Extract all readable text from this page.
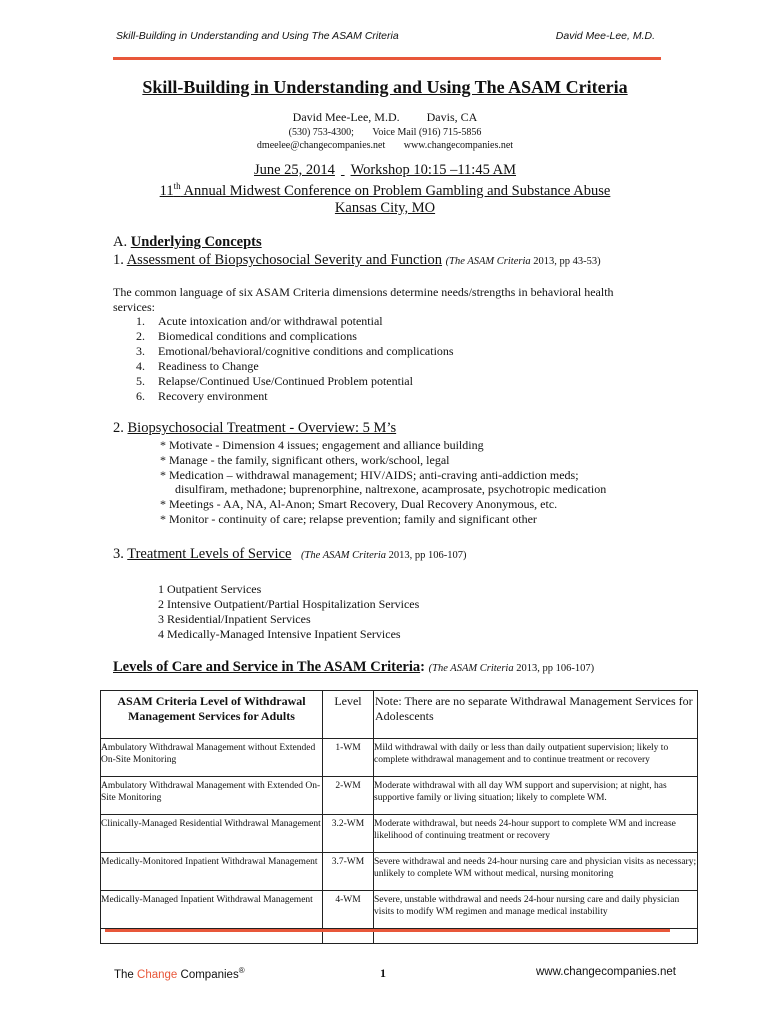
Skill-Building in Understanding and Using The ASAM Criteria	David Mee-Lee, M.D.
Skill-Building in Understanding and Using The ASAM Criteria
David Mee-Lee, M.D. Davis, CA
(530) 753-4300; Voice Mail (916) 715-5856
dmeelee@changecompanies.net www.changecompanies.net
June 25, 2014 Workshop 10:15 –11:45 AM
11th Annual Midwest Conference on Problem Gambling and Substance Abuse
Kansas City, MO
A. Underlying Concepts
1. Assessment of Biopsychosocial Severity and Function (The ASAM Criteria 2013, pp 43-53)
The common language of six ASAM Criteria dimensions determine needs/strengths in behavioral health services:
1. Acute intoxication and/or withdrawal potential
2. Biomedical conditions and complications
3. Emotional/behavioral/cognitive conditions and complications
4. Readiness to Change
5. Relapse/Continued Use/Continued Problem potential
6. Recovery environment
2. Biopsychosocial Treatment - Overview: 5 M’s
* Motivate - Dimension 4 issues; engagement and alliance building
* Manage - the family, significant others, work/school, legal
* Medication – withdrawal management; HIV/AIDS; anti-craving anti-addiction meds;
disulfiram, methadone; buprenorphine, naltrexone, acamprosate, psychotropic medication
* Meetings - AA, NA, Al-Anon; Smart Recovery, Dual Recovery Anonymous, etc.
* Monitor - continuity of care; relapse prevention; family and significant other
3. Treatment Levels of Service (The ASAM Criteria 2013, pp 106-107)
1 Outpatient Services
2 Intensive Outpatient/Partial Hospitalization Services
3 Residential/Inpatient Services
4 Medically-Managed Intensive Inpatient Services
Levels of Care and Service in The ASAM Criteria: (The ASAM Criteria 2013, pp 106-107)
ASAM Criteria Level of Withdrawal Management Services for Adults	Level	Note: There are no separate Withdrawal Management Services for Adolescents
Ambulatory Withdrawal Management without Extended On-Site Monitoring	1-WM	Mild withdrawal with daily or less than daily outpatient supervision; likely to complete withdrawal management and to continue treatment or recovery
Ambulatory Withdrawal Management with Extended On-Site Monitoring	2-WM	Moderate withdrawal with all day WM support and supervision; at night, has supportive family or living situation; likely to complete WM.
Clinically-Managed Residential Withdrawal Management	3.2-WM	Moderate withdrawal, but needs 24-hour support to complete WM and increase likelihood of continuing treatment or recovery
Medically-Monitored Inpatient Withdrawal Management	3.7-WM	Severe withdrawal and needs 24-hour nursing care and physician visits as necessary; unlikely to complete WM without medical, nursing monitoring
Medically-Managed Inpatient Withdrawal Management	4-WM	Severe, unstable withdrawal and needs 24-hour nursing care and daily physician visits to modify WM regimen and manage medical instability

The Change Companies®	1	www.changecompanies.net
